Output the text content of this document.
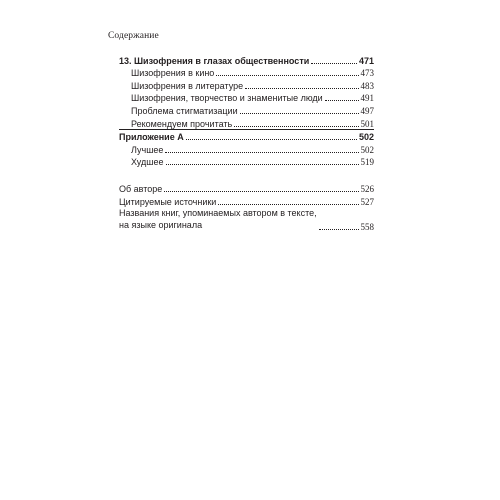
Содержание
13. Шизофрения в глазах общественности	471
Шизофрения в кино	473
Шизофрения в литературе	483
Шизофрения, творчество и знаменитые люди	491
Проблема стигматизации	497
Рекомендуем прочитать	501
Приложение А	502
Лучшее	502
Худшее	519
Об авторе	526
Цитируемые источники	527
Названия книг, упоминаемых автором в тексте,
на языке оригинала	558
